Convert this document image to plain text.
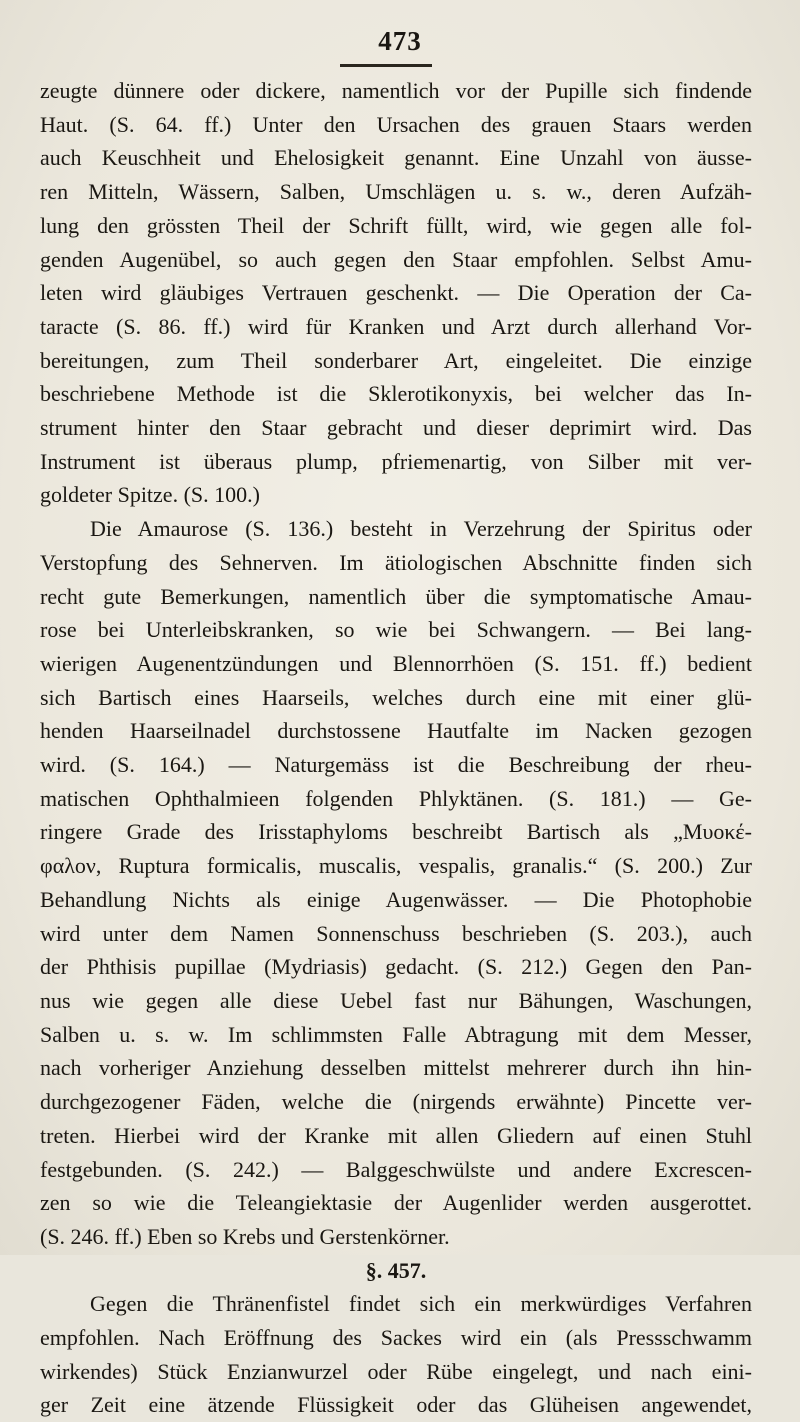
473
zeugte dünnere oder dickere, namentlich vor der Pupille sich findende
Haut. (S. 64. ff.) Unter den Ursachen des grauen Staars werden
auch Keuschheit und Ehelosigkeit genannt. Eine Unzahl von äusse-
ren Mitteln, Wässern, Salben, Umschlägen u. s. w., deren Aufzäh-
lung den grössten Theil der Schrift füllt, wird, wie gegen alle fol-
genden Augenübel, so auch gegen den Staar empfohlen. Selbst Amu-
leten wird gläubiges Vertrauen geschenkt. — Die Operation der Ca-
taracte (S. 86. ff.) wird für Kranken und Arzt durch allerhand Vor-
bereitungen, zum Theil sonderbarer Art, eingeleitet. Die einzige
beschriebene Methode ist die Sklerotikonyxis, bei welcher das In-
strument hinter den Staar gebracht und dieser deprimirt wird. Das
Instrument ist überaus plump, pfriemenartig, von Silber mit ver-
goldeter Spitze. (S. 100.)
Die Amaurose (S. 136.) besteht in Verzehrung der Spiritus oder
Verstopfung des Sehnerven. Im ätiologischen Abschnitte finden sich
recht gute Bemerkungen, namentlich über die symptomatische Amau-
rose bei Unterleibskranken, so wie bei Schwangern. — Bei lang-
wierigen Augenentzündungen und Blennorrhöen (S. 151. ff.) bedient
sich Bartisch eines Haarseils, welches durch eine mit einer glü-
henden Haarseilnadel durchstossene Hautfalte im Nacken gezogen
wird. (S. 164.) — Naturgemäss ist die Beschreibung der rheu-
matischen Ophthalmieen folgenden Phlyktänen. (S. 181.) — Ge-
ringere Grade des Irisstaphyloms beschreibt Bartisch als „Μυοκέ-
φαλον, Ruptura formicalis, muscalis, vespalis, granalis.“ (S. 200.) Zur
Behandlung Nichts als einige Augenwässer. — Die Photophobie
wird unter dem Namen Sonnenschuss beschrieben (S. 203.), auch
der Phthisis pupillae (Mydriasis) gedacht. (S. 212.) Gegen den Pan-
nus wie gegen alle diese Uebel fast nur Bähungen, Waschungen,
Salben u. s. w. Im schlimmsten Falle Abtragung mit dem Messer,
nach vorheriger Anziehung desselben mittelst mehrerer durch ihn hin-
durchgezogener Fäden, welche die (nirgends erwähnte) Pincette ver-
treten. Hierbei wird der Kranke mit allen Gliedern auf einen Stuhl
festgebunden. (S. 242.) — Balggeschwülste und andere Excrescen-
zen so wie die Teleangiektasie der Augenlider werden ausgerottet.
(S. 246. ff.) Eben so Krebs und Gerstenkörner.
§. 457.
Gegen die Thränenfistel findet sich ein merkwürdiges Verfahren
empfohlen. Nach Eröffnung des Sackes wird ein (als Pressschwamm
wirkendes) Stück Enzianwurzel oder Rübe eingelegt, und nach eini-
ger Zeit eine ätzende Flüssigkeit oder das Glüheisen angewendet,
